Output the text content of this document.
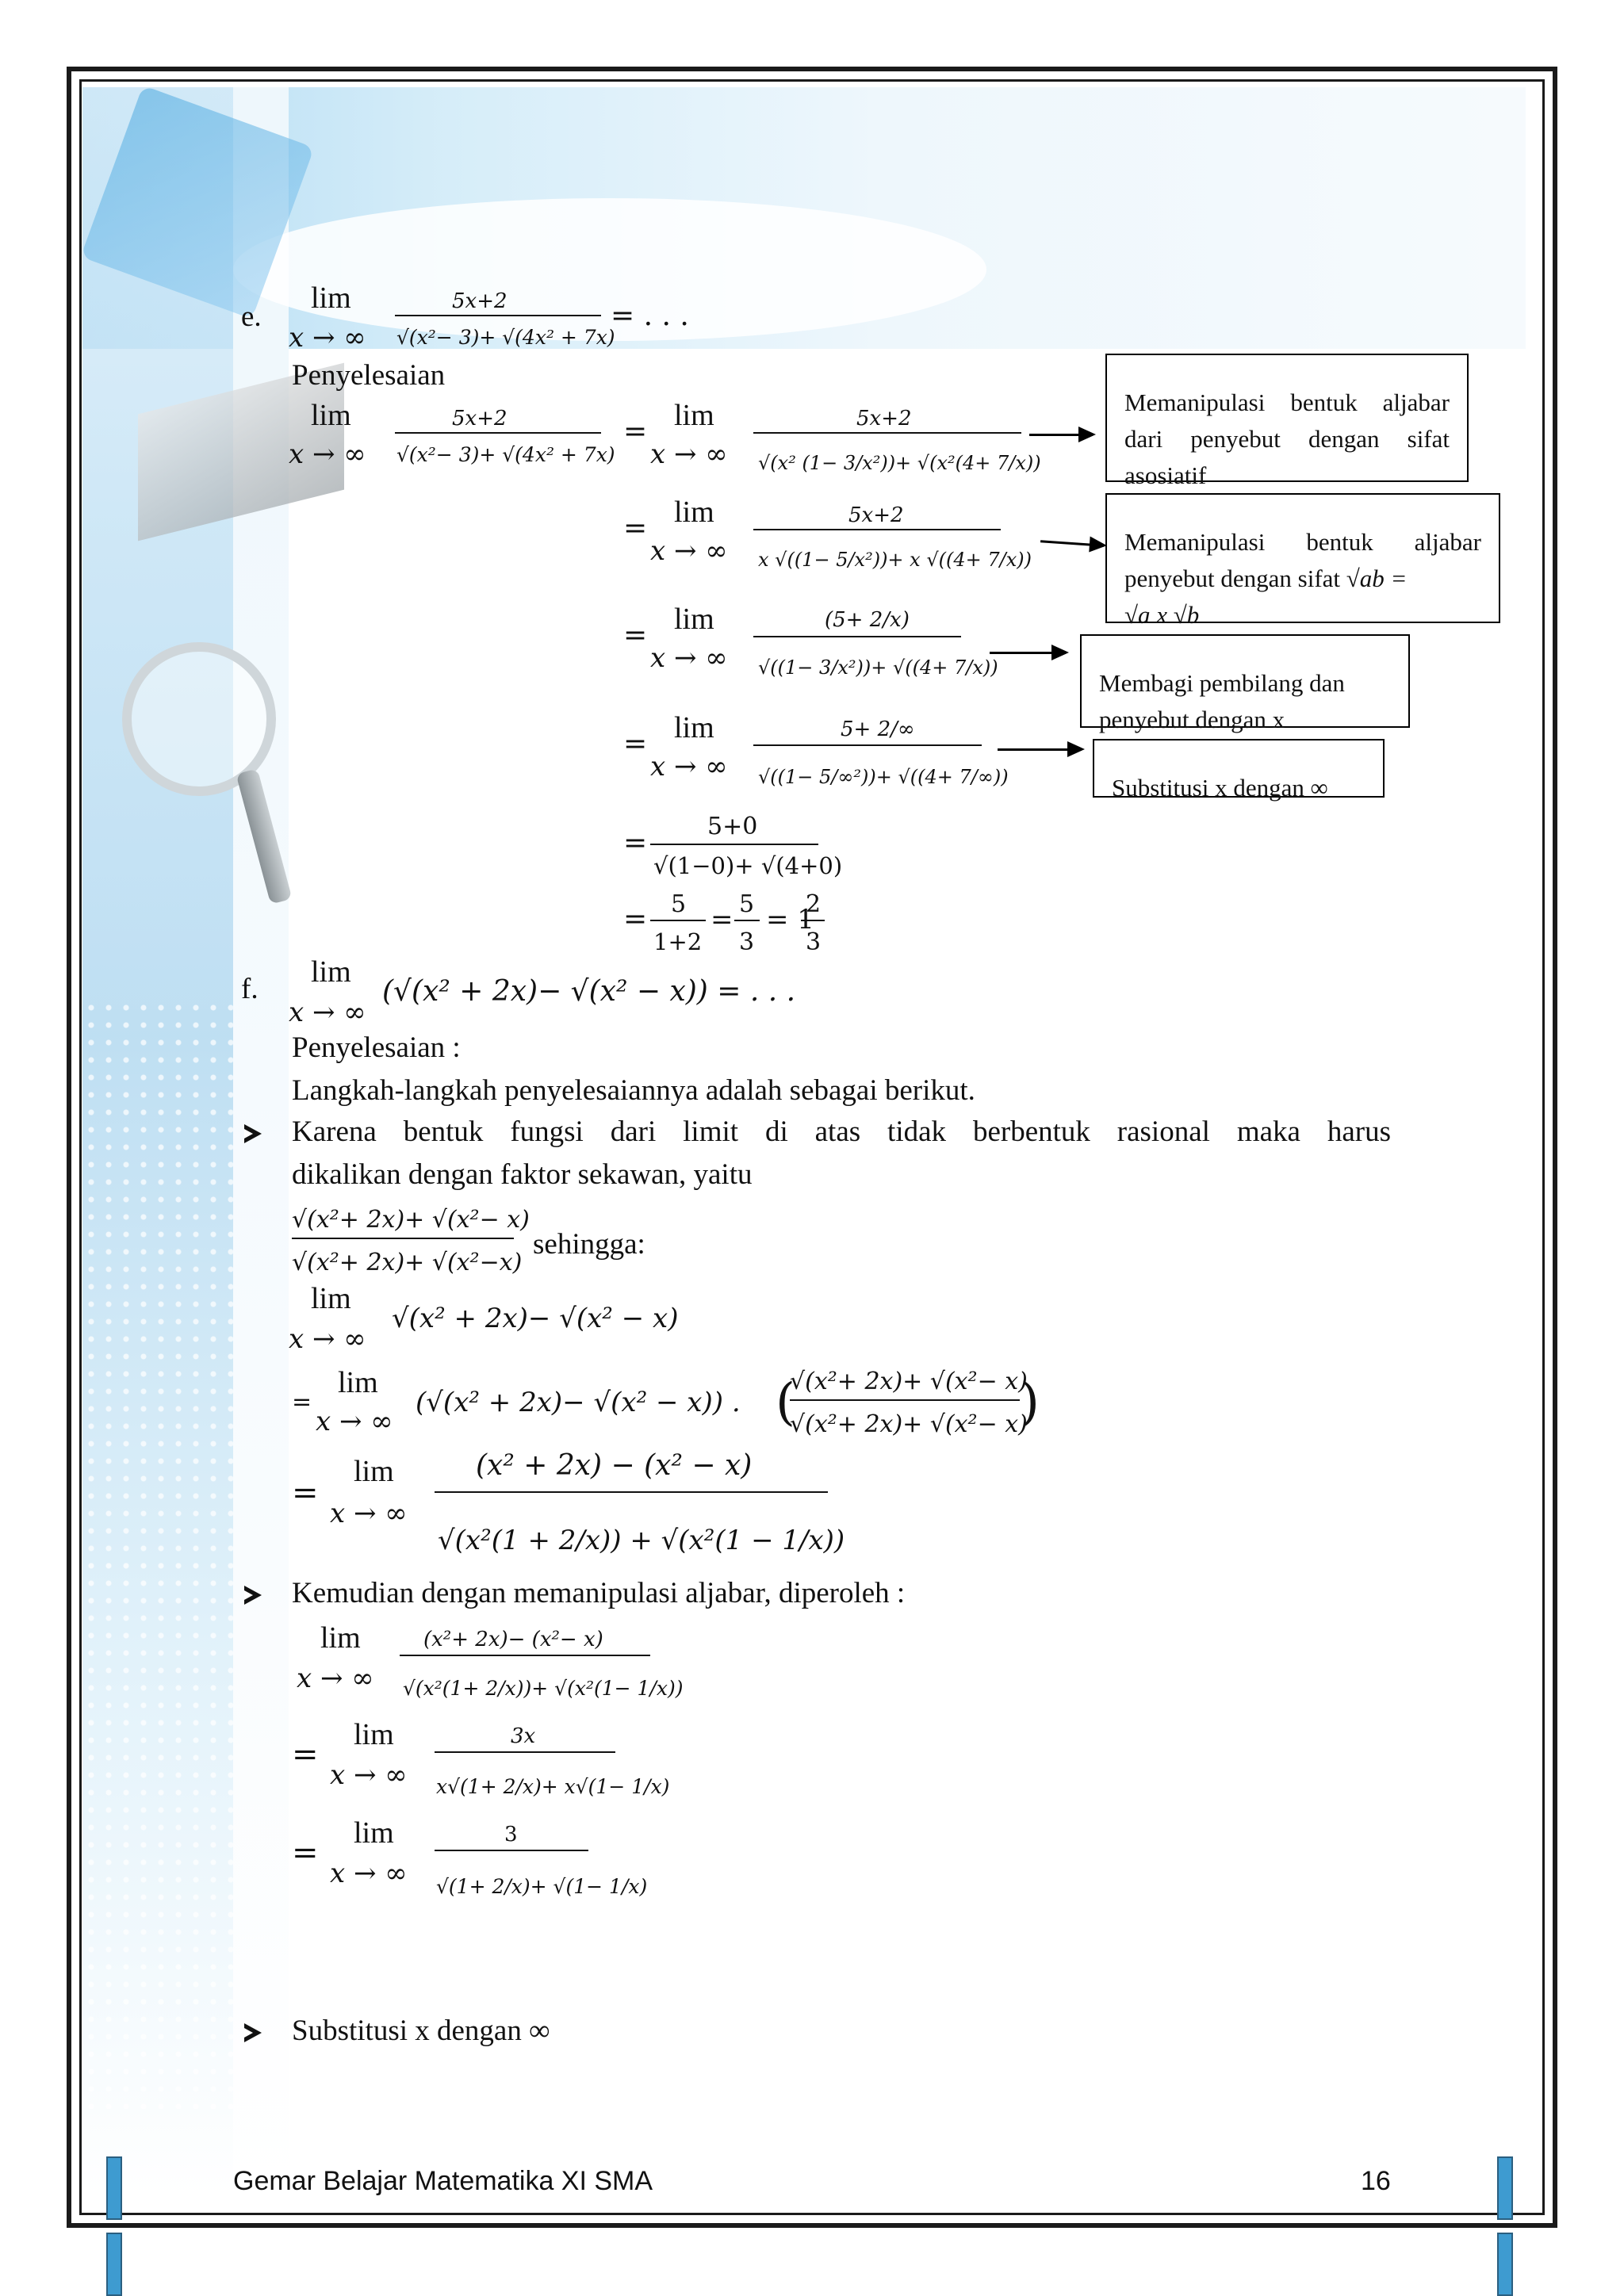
e.
Penyelesaian

Memanipulasi bentuk aljabar dari penyebut dengan sifat asosiatif

Memanipulasi bentuk aljabar penyebut dengan sifat √ab =
√a x √b

Membagi pembilang dan penyebut dengan x

Substitusi x dengan ∞

lim
x → ∞
5x+2
√(x²− 3)+ √(4x² + 7x)
= . . .
lim
x → ∞
5x+2
√(x²− 3)+ √(4x² + 7x)
= lim
x → ∞
5x+2
√(x² (1− 3/x²))+ √(x²(4+ 7/x))
= lim
x → ∞
5x+2
x √((1− 5/x²))+ x √((4+ 7/x))
= lim
x → ∞
(5+ 2/x)
√((1− 3/x²))+ √((4+ 7/x))
= lim
x → ∞
5+ 2/∞
√((1− 5/∞²))+ √((4+ 7/∞))
=
5+0
√(1−0)+ √(4+0)
= 5
1+2
= 5
3
= 1
2
3
lim
x → ∞
(√(x² + 2x)− √(x² − x)) = . . .
√(x²+ 2x)+ √(x²− x)
√(x²+ 2x)+ √(x²−x)
lim
x → ∞
√(x² + 2x)− √(x² − x)
=
lim
x → ∞
(√(x² + 2x)− √(x² − x)) . (
√(x²+ 2x)+ √(x²− x)
√(x²+ 2x)+ √(x²− x)
)
=
lim
x → ∞
(x² + 2x) − (x² − x)
√(x²(1 + 2/x)) + √(x²(1 − 1/x))
lim
x → ∞
(x²+ 2x)− (x²− x)
√(x²(1+ 2/x))+ √(x²(1− 1/x))
=
lim
x → ∞
3x
x√(1+ 2/x)+ x√(1− 1/x)
=
lim
x → ∞
3
√(1+ 2/x)+ √(1− 1/x)
f.
Penyelesaian :
Langkah-langkah penyelesaiannya adalah sebagai berikut.
Karena bentuk fungsi dari limit di atas tidak berbentuk rasional maka harus
dikalikan dengan faktor sekawan, yaitu
sehingga:
Kemudian dengan memanipulasi aljabar, diperoleh :
Substitusi x dengan ∞
Gemar Belajar Matematika XI SMA	16
